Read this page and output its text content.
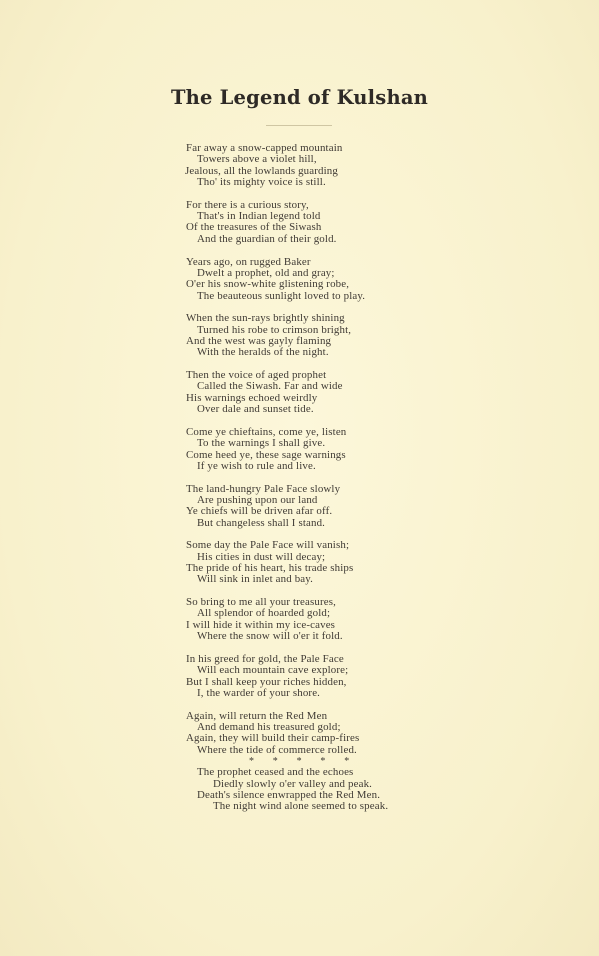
The Legend of Kulshan
Far away a snow-capped mountain
Towers above a violet hill,
Jealous, all the lowlands guarding
Tho' its mighty voice is still.
For there is a curious story,
That's in Indian legend told
Of the treasures of the Siwash
And the guardian of their gold.
Years ago, on rugged Baker
Dwelt a prophet, old and gray;
O'er his snow-white glistening robe,
The beauteous sunlight loved to play.
When the sun-rays brightly shining
Turned his robe to crimson bright,
And the west was gayly flaming
With the heralds of the night.
Then the voice of aged prophet
Called the Siwash. Far and wide
His warnings echoed weirdly
Over dale and sunset tide.
Come ye chieftains, come ye, listen
To the warnings I shall give.
Come heed ye, these sage warnings
If ye wish to rule and live.
The land-hungry Pale Face slowly
Are pushing upon our land
Ye chiefs will be driven afar off.
But changeless shall I stand.
Some day the Pale Face will vanish;
His cities in dust will decay;
The pride of his heart, his trade ships
Will sink in inlet and bay.
So bring to me all your treasures,
All splendor of hoarded gold;
I will hide it within my ice-caves
Where the snow will o'er it fold.
In his greed for gold, the Pale Face
Will each mountain cave explore;
But I shall keep your riches hidden,
I, the warder of your shore.
Again, will return the Red Men
And demand his treasured gold;
Again, they will build their camp-fires
Where the tide of commerce rolled.
* * * * *
The prophet ceased and the echoes
Diedly slowly o'er valley and peak.
Death's silence enwrapped the Red Men.
The night wind alone seemed to speak.
